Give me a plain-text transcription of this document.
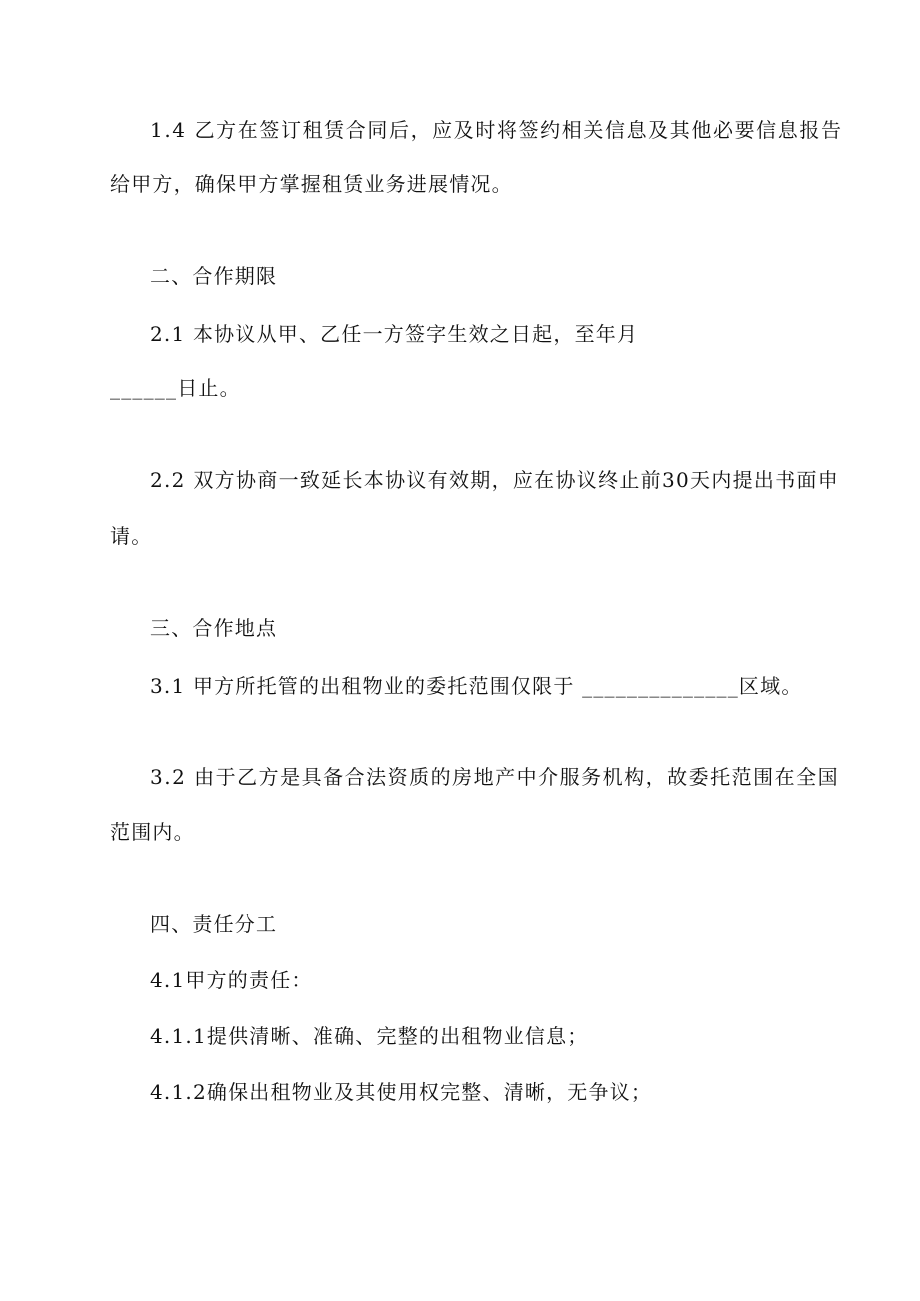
1.4 乙方在签订租赁合同后，应及时将签约相关信息及其他必要信息报告
给甲方，确保甲方掌握租赁业务进展情况。
二、合作期限
2.1 本协议从甲、乙任一方签字生效之日起，至年月
______日止。
2.2 双方协商一致延长本协议有效期，应在协议终止前30天内提出书面申
请。
三、合作地点
3.1 甲方所托管的出租物业的委托范围仅限于 ______________区域。
3.2 由于乙方是具备合法资质的房地产中介服务机构，故委托范围在全国
范围内。
四、责任分工
4.1甲方的责任：
4.1.1提供清晰、准确、完整的出租物业信息；
4.1.2确保出租物业及其使用权完整、清晰，无争议；
